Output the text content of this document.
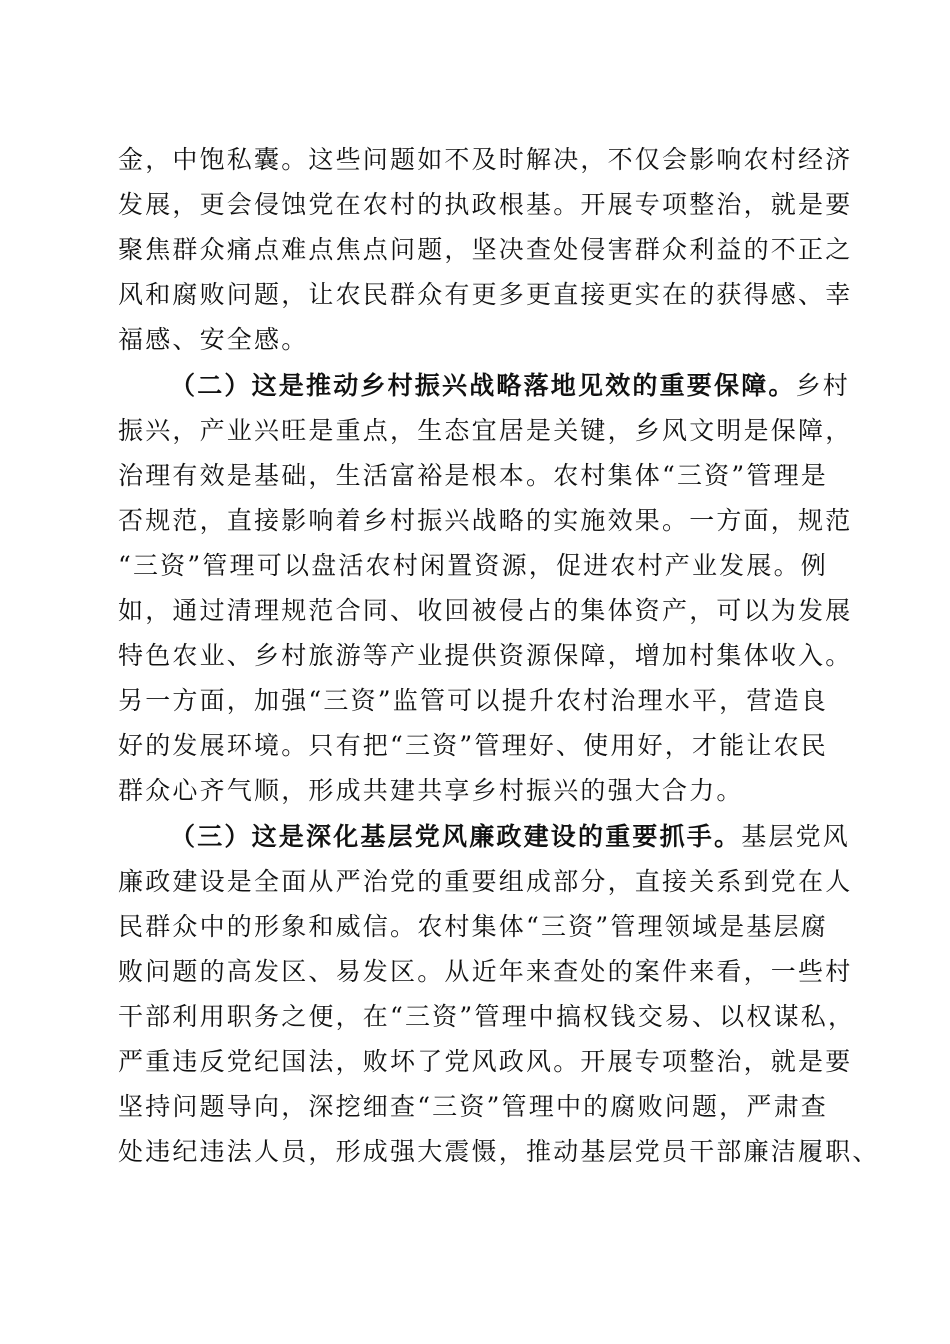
金，中饱私囊。这些问题如不及时解决，不仅会影响农村经济
发展，更会侵蚀党在农村的执政根基。开展专项整治，就是要
聚焦群众痛点难点焦点问题，坚决查处侵害群众利益的不正之
风和腐败问题，让农民群众有更多更直接更实在的获得感、幸
福感、安全感。
（二）这是推动乡村振兴战略落地见效的重要保障。乡村
振兴，产业兴旺是重点，生态宜居是关键，乡风文明是保障，
治理有效是基础，生活富裕是根本。农村集体“三资”管理是
否规范，直接影响着乡村振兴战略的实施效果。一方面，规范
“三资”管理可以盘活农村闲置资源，促进农村产业发展。例
如，通过清理规范合同、收回被侵占的集体资产，可以为发展
特色农业、乡村旅游等产业提供资源保障，增加村集体收入。
另一方面，加强“三资”监管可以提升农村治理水平，营造良
好的发展环境。只有把“三资”管理好、使用好，才能让农民
群众心齐气顺，形成共建共享乡村振兴的强大合力。
（三）这是深化基层党风廉政建设的重要抓手。基层党风
廉政建设是全面从严治党的重要组成部分，直接关系到党在人
民群众中的形象和威信。农村集体“三资”管理领域是基层腐
败问题的高发区、易发区。从近年来查处的案件来看，一些村
干部利用职务之便，在“三资”管理中搞权钱交易、以权谋私，
严重违反党纪国法，败坏了党风政风。开展专项整治，就是要
坚持问题导向，深挖细查“三资”管理中的腐败问题，严肃查
处违纪违法人员，形成强大震慑，推动基层党员干部廉洁履职、
